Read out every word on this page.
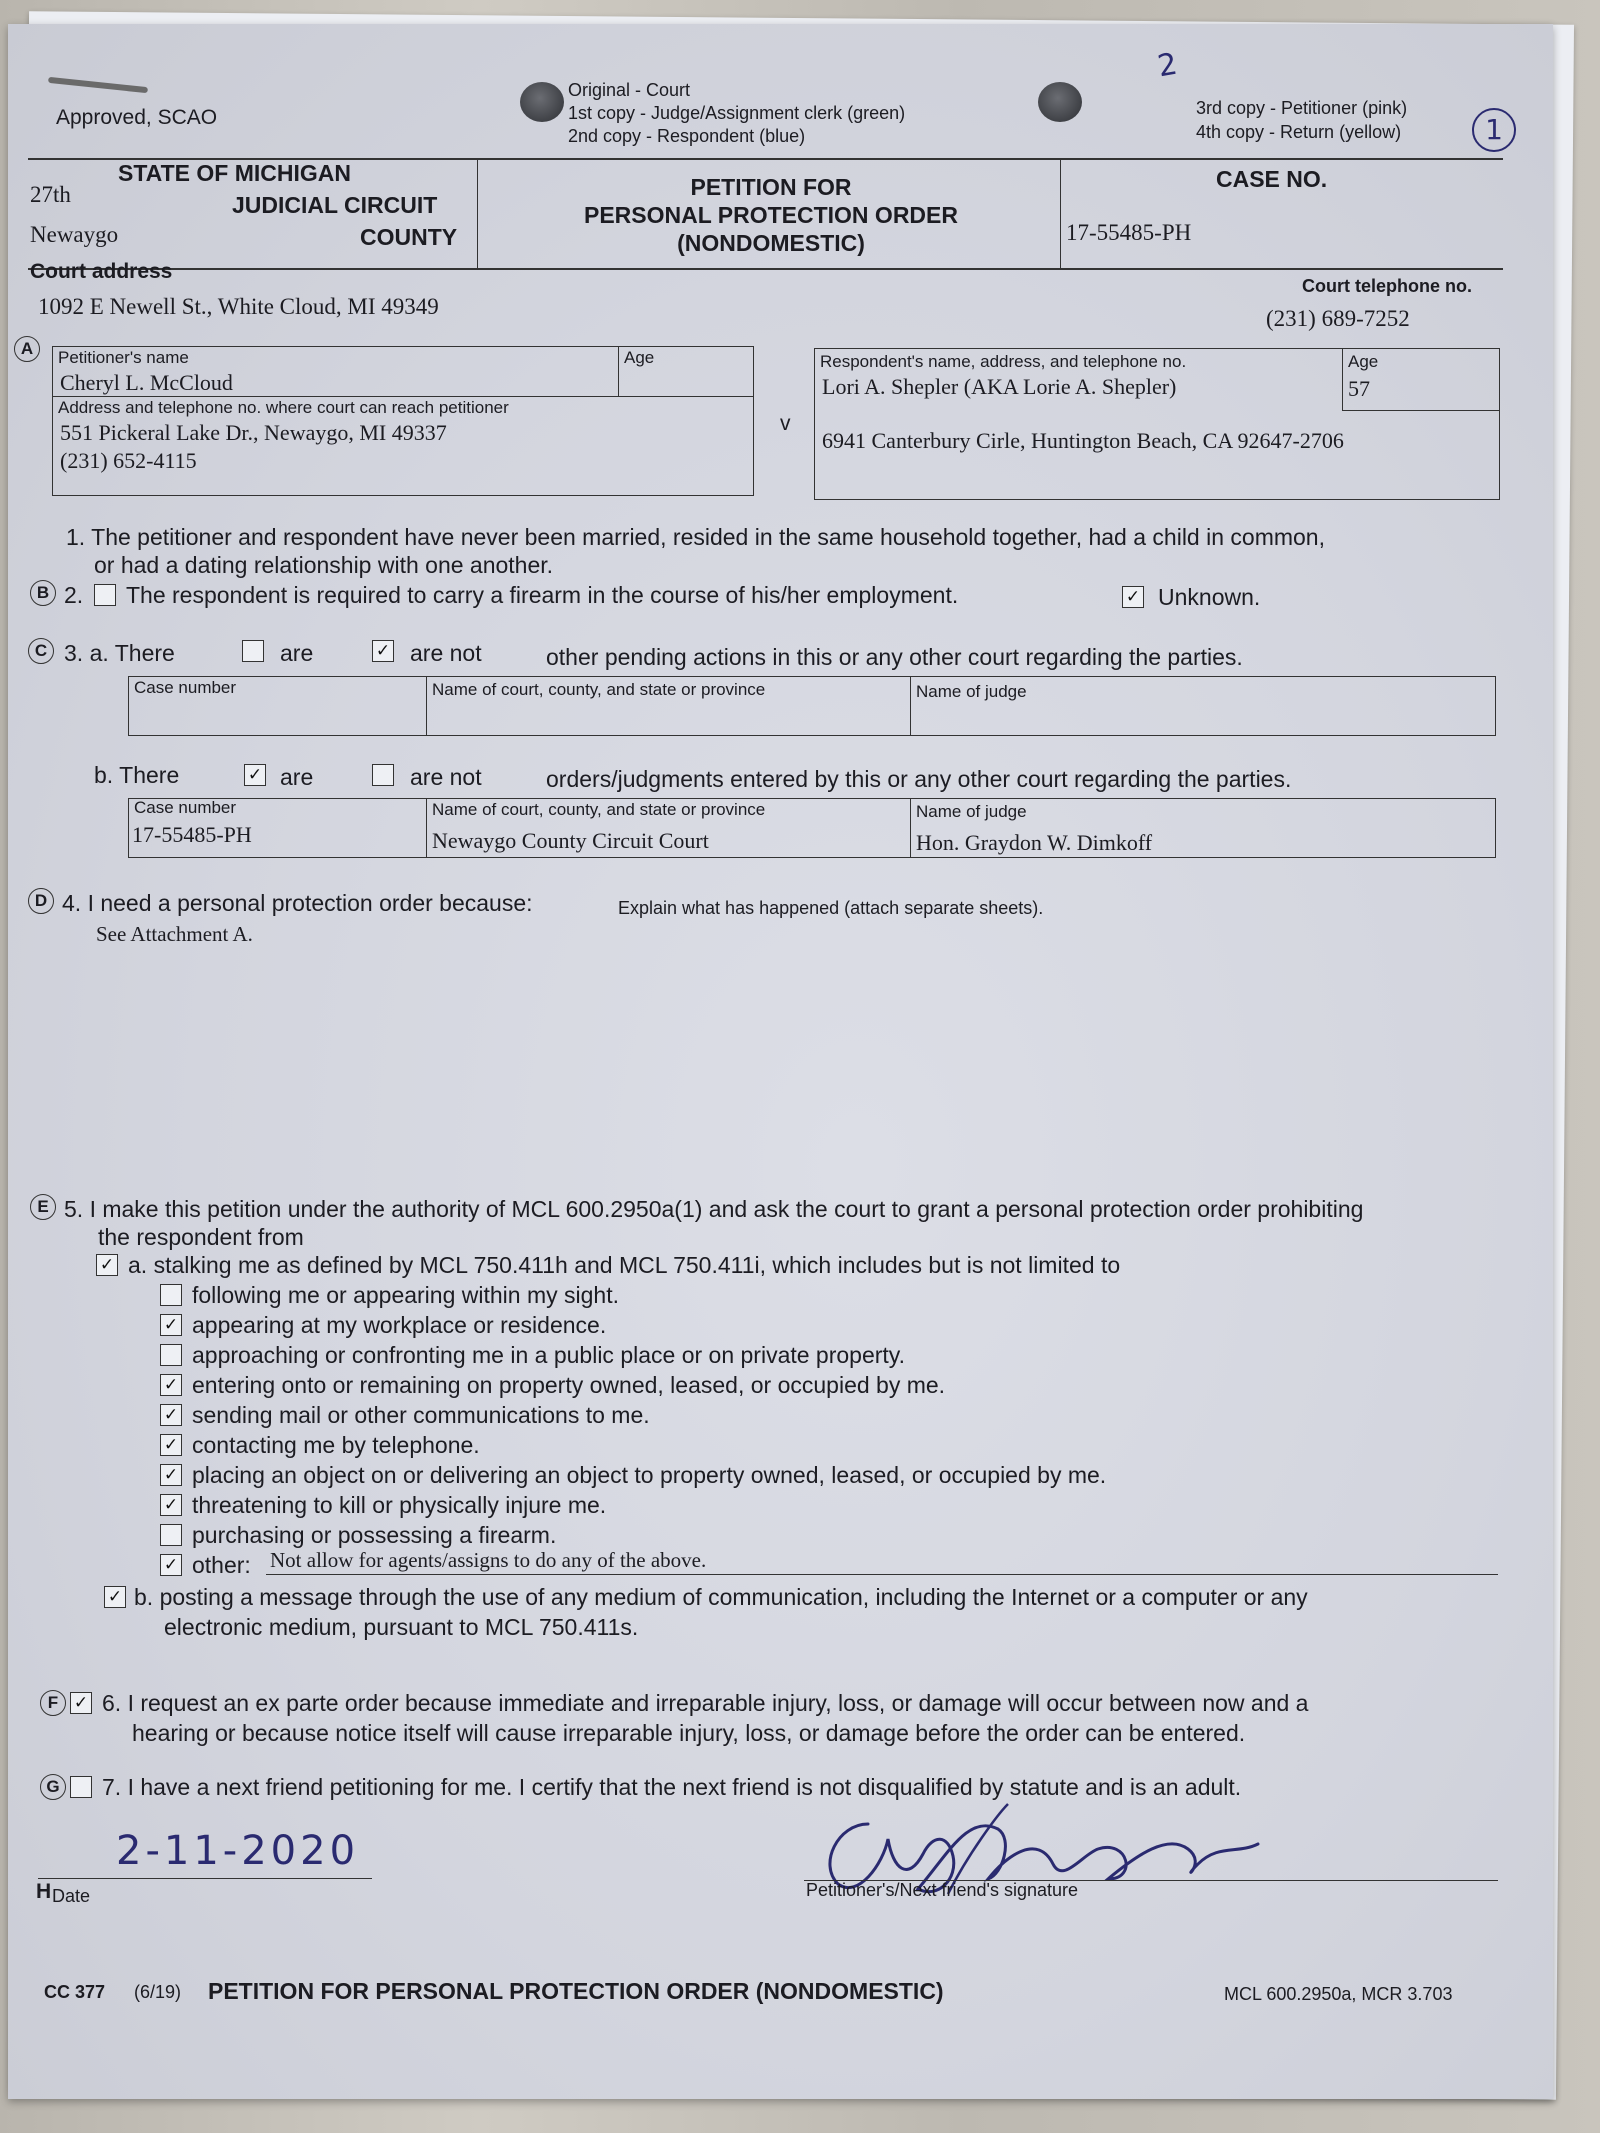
Approved, SCAO
Original - Court
1st copy - Judge/Assignment clerk (green)
2nd copy - Respondent (blue)
3rd copy - Petitioner (pink)
4th copy - Return (yellow)
2
1
STATE OF MICHIGAN
27th	JUDICIAL CIRCUIT
Newaygo	COUNTY
PETITION FOR
PERSONAL PROTECTION ORDER
(NONDOMESTIC)
CASE NO.
17-55485-PH
Court address
1092 E Newell St., White Cloud, MI 49349
Court telephone no.
(231) 689-7252
A	Petitioner's name
Cheryl L. McCloud
Age
Address and telephone no. where court can reach petitioner
551 Pickeral Lake Dr., Newaygo, MI 49337
(231) 652-4115
v
Respondent's name, address, and telephone no.
Lori A. Shepler (AKA Lorie A. Shepler)
Age
57
6941 Canterbury Cirle, Huntington Beach, CA 92647-2706
1. The petitioner and respondent have never been married, resided in the same household together, had a child in common,
or had a dating relationship with one another.
B 2. The respondent is required to carry a firearm in the course of his/her employment.	✓ Unknown.
C 3. a. There	are	✓ are not	other pending actions in this or any other court regarding the parties.
Case number	Name of court, county, and state or province	Name of judge
b. There	✓ are	are not	orders/judgments entered by this or any other court regarding the parties.
Case number	Name of court, county, and state or province	Name of judge
17-55485-PH	Newaygo County Circuit Court	Hon. Graydon W. Dimkoff
D 4. I need a personal protection order because:	Explain what has happened (attach separate sheets).
See Attachment A.
E 5. I make this petition under the authority of MCL 600.2950a(1) and ask the court to grant a personal protection order prohibiting
the respondent from
✓ a. stalking me as defined by MCL 750.411h and MCL 750.411i, which includes but is not limited to
following me or appearing within my sight.
✓ appearing at my workplace or residence.
approaching or confronting me in a public place or on private property.
✓ entering onto or remaining on property owned, leased, or occupied by me.
✓ sending mail or other communications to me.
✓ contacting me by telephone.
✓ placing an object on or delivering an object to property owned, leased, or occupied by me.
✓ threatening to kill or physically injure me.
purchasing or possessing a firearm.
✓ other: Not allow for agents/assigns to do any of the above.
✓ b. posting a message through the use of any medium of communication, including the Internet or a computer or any
electronic medium, pursuant to MCL 750.411s.
F ✓ 6. I request an ex parte order because immediate and irreparable injury, loss, or damage will occur between now and a
hearing or because notice itself will cause irreparable injury, loss, or damage before the order can be entered.
G 7. I have a next friend petitioning for me. I certify that the next friend is not disqualified by statute and is an adult.
2-11-2020
H Date	Petitioner's/Next friend's signature
CC 377 (6/19) PETITION FOR PERSONAL PROTECTION ORDER (NONDOMESTIC)	MCL 600.2950a, MCR 3.703
